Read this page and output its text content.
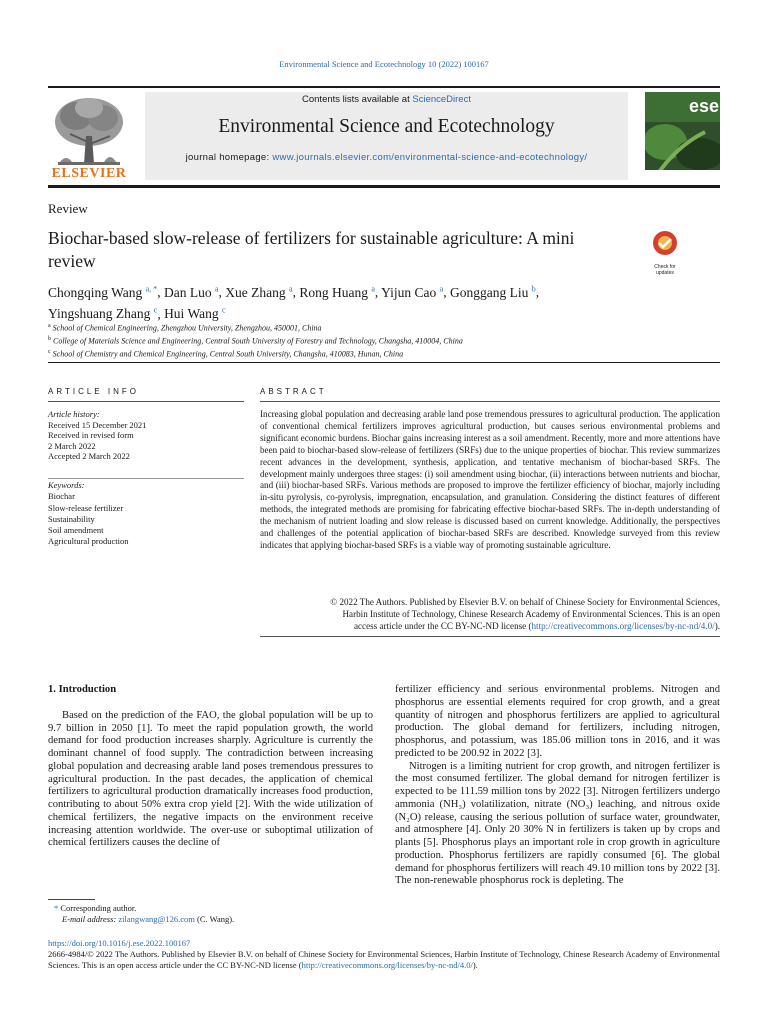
Environmental Science and Ecotechnology 10 (2022) 100167
ELSEVIER
Contents lists available at ScienceDirect
Environmental Science and Ecotechnology
journal homepage: www.journals.elsevier.com/environmental-science-and-ecotechnology/
ese
Review
Biochar-based slow-release of fertilizers for sustainable agriculture: A mini review	Check for updates
Chongqing Wang $^{a, *}$, Dan Luo $^a$, Xue Zhang $^a$, Rong Huang $^a$, Yijun Cao $^a$, Gonggang Liu $^b$,
Yingshuang Zhang $^c$, Hui Wang $^c$
$^a$ School of Chemical Engineering, Zhengzhou University, Zhengzhou, 450001, China
$^b$ College of Materials Science and Engineering, Central South University of Forestry and Technology, Changsha, 410004, China
$^c$ School of Chemistry and Chemical Engineering, Central South University, Changsha, 410083, Hunan, China
ARTICLE INFO
Article history:
Received 15 December 2021
Received in revised form
2 March 2022
Accepted 2 March 2022
Keywords:
Biochar
Slow-release fertilizer
Sustainability
Soil amendment
Agricultural production
ABSTRACT
Increasing global population and decreasing arable land pose tremendous pressures to agricultural production. The application of conventional chemical fertilizers improves agricultural production, but causes serious environmental problems and significant economic burdens. Biochar gains increasing interest as a soil amendment. Recently, more and more attentions have been paid to biochar-based slow-release of fertilizers (SRFs) due to the unique properties of biochar. This review summarizes recent advances in the development, synthesis, application, and tentative mechanism of biochar-based SRFs. The development mainly undergoes three stages: (i) soil amendment using biochar, (ii) interactions between nutrients and biochar, and (iii) biochar-based SRFs. Various methods are proposed to improve the fertilizer efficiency of biochar, majorly including in-situ pyrolysis, co-pyrolysis, impregnation, encapsulation, and granulation. Considering the distinct features of different methods, the integrated methods are promising for fabricating effective biochar-based SRFs. The in-depth understanding of the mechanism of nutrient loading and slow release is discussed based on current knowledge. Additionally, the perspectives and challenges of the potential application of biochar-based SRFs are described. Knowledge surveyed from this review indicates that applying biochar-based SRFs is a viable way of promoting sustainable agriculture.
© 2022 The Authors. Published by Elsevier B.V. on behalf of Chinese Society for Environmental Sciences,
Harbin Institute of Technology, Chinese Research Academy of Environmental Sciences. This is an open
access article under the CC BY-NC-ND license (http://creativecommons.org/licenses/by-nc-nd/4.0/).
1. Introduction

Based on the prediction of the FAO, the global population will be up to 9.7 billion in 2050 [1]. To meet the rapid population growth, the world demand for food production increases sharply. Agriculture is currently the dominant channel of food supply. The contradiction between increasing global population and decreasing arable land poses tremendous pressures to agricultural production. In the past decades, the application of chemical fertilizers to agricultural production dramatically increases food production, contributing to about 50% extra crop yield [2]. With the wide utilization of chemical fertilizers, the negative impacts on the environment receive increasing attention worldwide. The over-use or suboptimal utilization of chemical fertilizers causes the decline of

fertilizer efficiency and serious environmental problems. Nitrogen and phosphorus are essential elements required for crop growth, and a great quantity of nitrogen and phosphorus fertilizers are applied to agricultural production. The global demand for fertilizers, including nitrogen, phosphorus, and potassium, was 185.06 million tons in 2016, and it was predicted to be 200.92 in 2022 [3].

Nitrogen is a limiting nutrient for crop growth, and nitrogen fertilizer is the most consumed fertilizer. The global demand for nitrogen fertilizer is expected to be 111.59 million tons by 2022 [3]. Nitrogen fertilizers undergo ammonia (NH₃) volatilization, nitrate (NO₃) leaching, and nitrous oxide (N₂O) release, causing the serious pollution of surface water, groundwater, and atmosphere [4]. Only 20 30% N in fertilizers is taken up by crops and plants [5]. Phosphorus plays an important role in crop growth in agriculture production. Phosphorus fertilizers are rapidly consumed [6]. The global demand for phosphorus fertilizers will reach 49.10 million tons by 2022 [3]. The non-renewable phosphorus rock is depleting. The

* Corresponding author.
E-mail address: zilangwang@126.com (C. Wang).
https://doi.org/10.1016/j.ese.2022.100167
2666-4984/© 2022 The Authors. Published by Elsevier B.V. on behalf of Chinese Society for Environmental Sciences, Harbin Institute of Technology, Chinese Research Academy of Environmental Sciences. This is an open access article under the CC BY-NC-ND license (http://creativecommons.org/licenses/by-nc-nd/4.0/).
